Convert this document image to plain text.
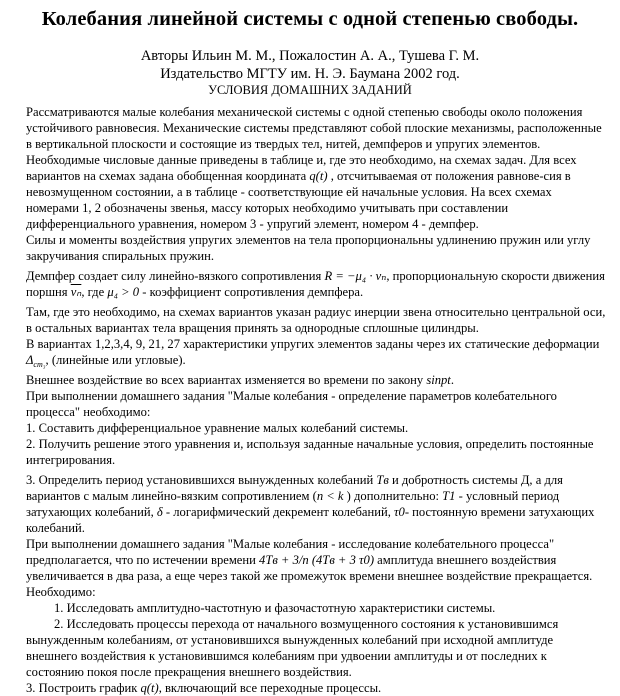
Колебания линейной системы с одной степенью свободы.
Авторы Ильин М. М., Пожалостин А. А., Тушева Г. М.
Издательство МГТУ им. Н. Э. Баумана 2002 год.
УСЛОВИЯ ДОМАШНИХ ЗАДАНИЙ

Рассматриваются малые колебания механической системы с одной степенью свободы около положения устойчивого равновесия. Механические системы представляют собой плоские механизмы, расположенные в вертикальной плоскости и состоящие из твердых тел, нитей, демпферов и упругих элементов.

Необходимые числовые данные приведены в таблице и, где это необходимо, на схемах задач. Для всех вариантов на схемах задана обобщенная координата q(t) , отсчитываемая от положения равнове-сия в невозмущенном состоянии, а в таблице - соответствующие ей начальные условия. На всех схемах номерами 1, 2 обозначены звенья, массу которых необходимо учитывать при составлении дифференциального уравнения, номером 3 - упругий элемент, номером 4 - демпфер.

Силы и моменты воздействия упругих элементов на тела пропорциональны удлинению пружин или углу закручивания спиральных пружин.

Демпфер создает силу линейно-вязкого сопротивления R = −μ₄ · vₙ, пропорциональную скорости движения поршня $\overline{v_n}$, где μ₄ > 0 - коэффициент сопротивления демпфера.

Там, где это необходимо, на схемах вариантов указан радиус инерции звена относительно центральной оси, в остальных вариантах тела вращения принять за однородные сплошные цилиндры.

В вариантах 1,2,3,4, 9, 21, 27 характеристики упругих элементов заданы через их статические деформации $\Delta_{ст_3}$, (линейные или угловые).

Внешнее воздействие во всех вариантах изменяется во времени по закону sinpt.

При выполнении домашнего задания "Малые колебания - определение параметров колебательного процесса" необходимо:

1. Составить дифференциальное уравнение малых колебаний системы.

2. Получить решение этого уравнения и, используя заданные начальные условия, определить постоянные интегрирования.

3. Определить период установившихся вынужденных колебаний Tв и добротность системы Д, а для вариантов с малым линейно-вязким сопротивлением (n < k ) дополнительно: T1 - условный период затухающих колебаний, δ - логарифмический декремент колебаний, τ0- постоянную времени затухающих колебаний.

При выполнении домашнего задания "Малые колебания - исследование колебательного процесса" предполагается, что по истечении времени 4Tв + 3/n (4Tв + 3 τ0) амплитуда внешнего воздействия увеличивается в два раза, а еще через такой же промежуток времени внешнее воздействие прекращается. Необходимо:

1. Исследовать амплитудно-частотную и фазочастотную характеристики системы.

2. Исследовать процессы перехода от начального возмущенного состояния к установившимся вынужденным колебаниям, от установившихся вынужденных колебаний при исходной амплитуде внешнего воздействия к установившимся колебаниям при удвоении амплитуды и от последних к состоянию покоя после прекращения внешнего воздействия.

3. Построить график q(t), включающий все переходные процессы.
